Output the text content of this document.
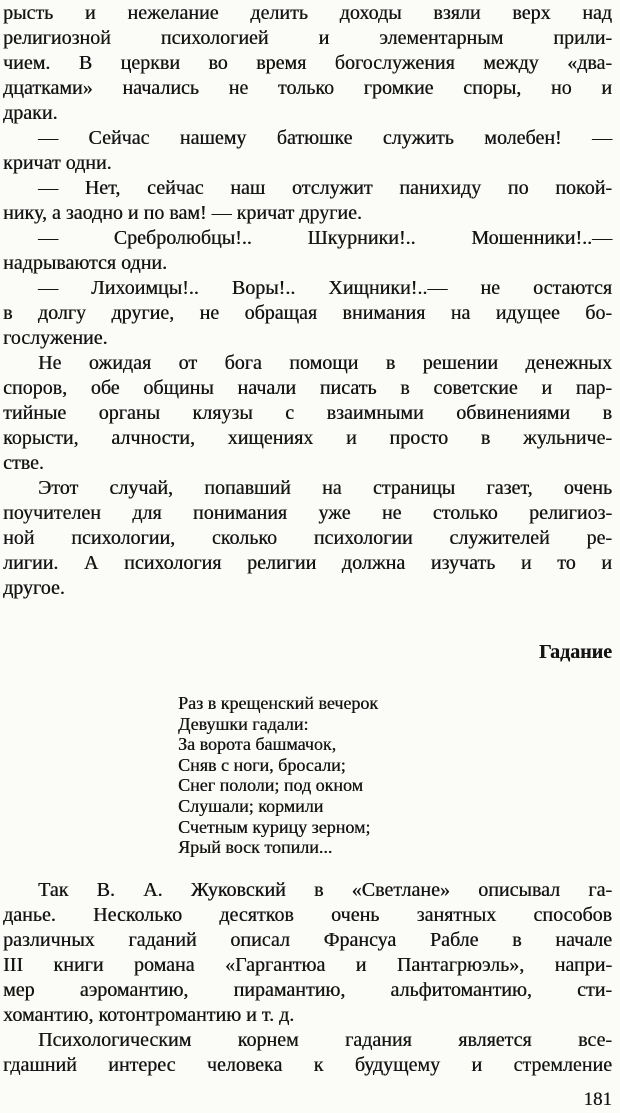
рысть и нежелание делить доходы взяли верх над
религиозной психологией и элементарным прили-
чием. В церкви во время богослужения между «два-
дцатками» начались не только громкие споры, но и
драки.
— Сейчас нашему батюшке служить молебен! —
кричат одни.
— Нет, сейчас наш отслужит панихиду по покой-
нику, а заодно и по вам! — кричат другие.
— Сребролюбцы!.. Шкурники!.. Мошенники!..—
надрываются одни.
— Лихоимцы!.. Воры!.. Хищники!..— не остаются
в долгу другие, не обращая внимания на идущее бо-
гослужение.
Не ожидая от бога помощи в решении денежных
споров, обе общины начали писать в советские и пар-
тийные органы кляузы с взаимными обвинениями в
корысти, алчности, хищениях и просто в жульниче-
стве.
Этот случай, попавший на страницы газет, очень
поучителен для понимания уже не столько религиоз-
ной психологии, сколько психологии служителей ре-
лигии. А психология религии должна изучать и то и
другое.
Гадание
Раз в крещенский вечерок
Девушки гадали:
За ворота башмачок,
Сняв с ноги, бросали;
Снег пололи; под окном
Слушали; кормили
Счетным курицу зерном;
Ярый воск топили...
Так В. А. Жуковский в «Светлане» описывал га-
данье. Несколько десятков очень занятных способов
различных гаданий описал Франсуа Рабле в начале
III книги романа «Гаргантюа и Пантагрюэль», напри-
мер аэромантию, пирамантию, альфитомантию, сти-
хомантию, котонтромантию и т. д.
Психологическим корнем гадания является все-
гдашний интерес человека к будущему и стремление
181
